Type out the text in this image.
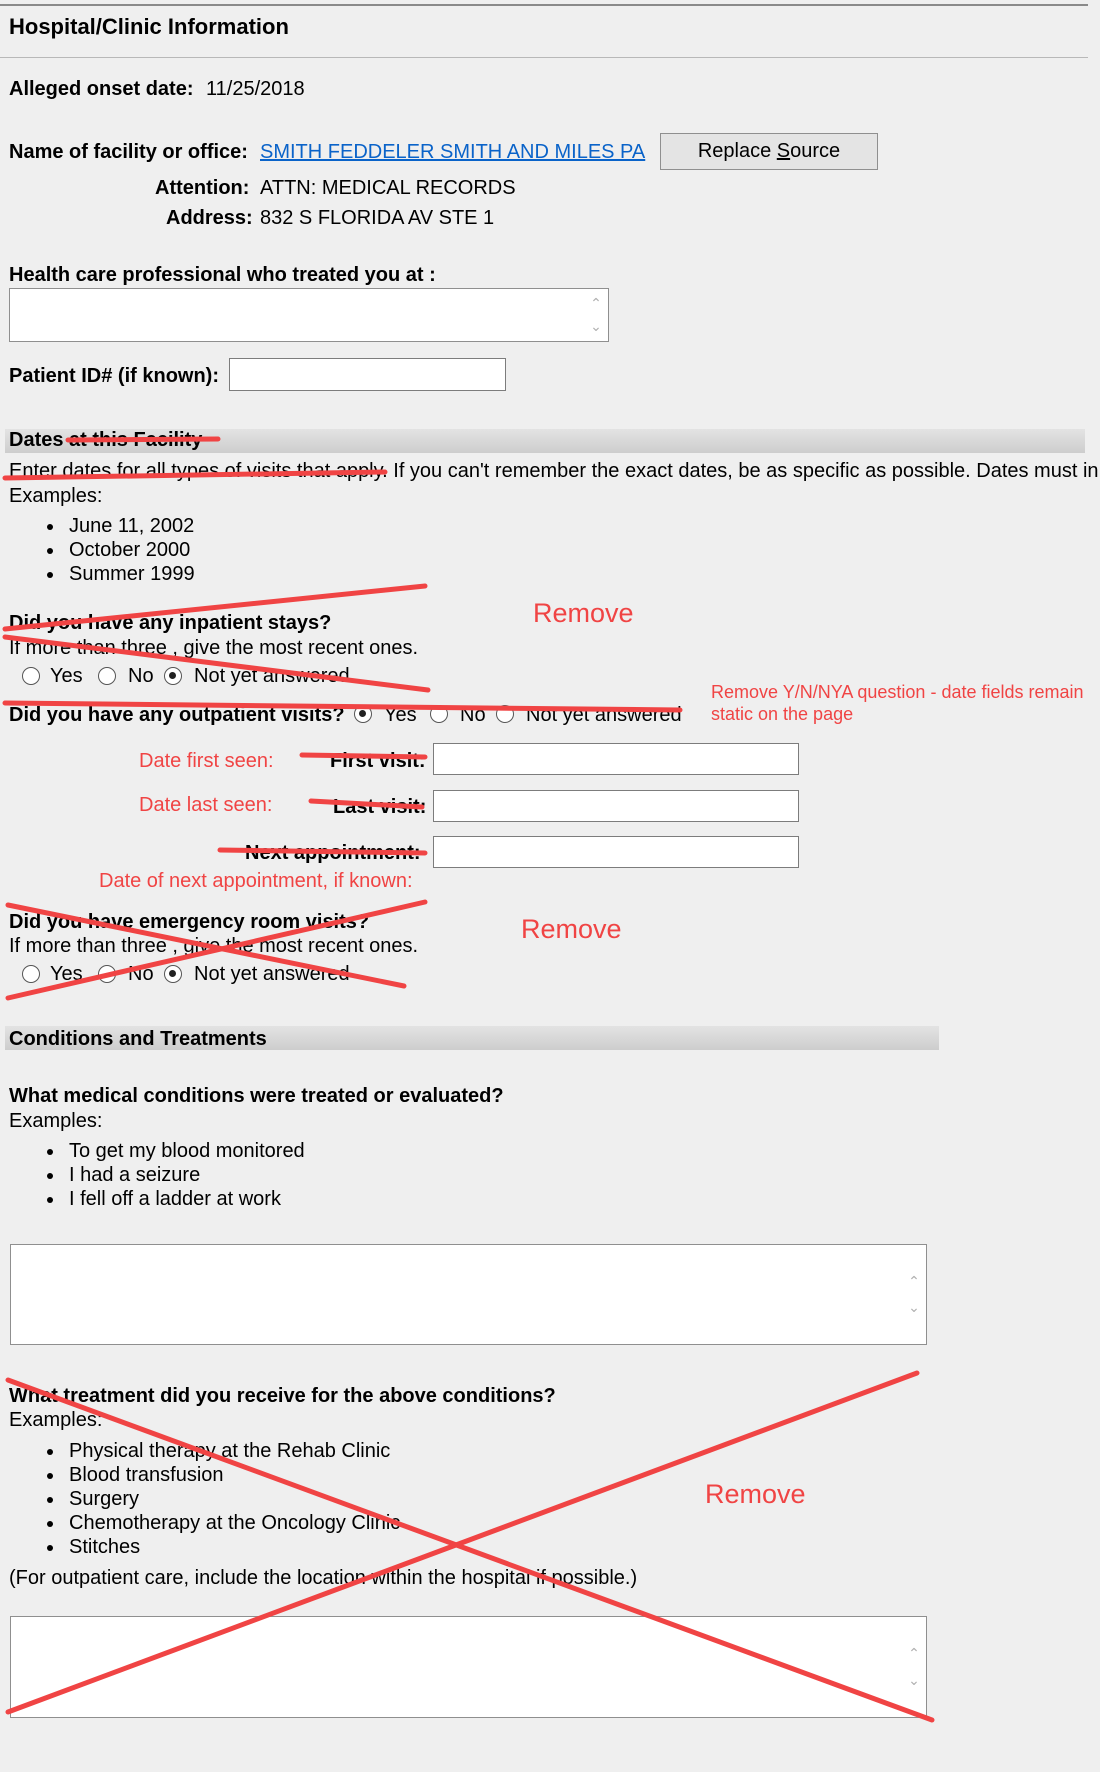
Hospital/Clinic Information
Alleged onset date: 11/25/2018
Name of facility or office: SMITH FEDDELER SMITH AND MILES PA	Replace Source
Attention: ATTN: MEDICAL RECORDS
Address: 832 S FLORIDA AV STE 1
Health care professional who treated you at :
⌃
⌄
Patient ID# (if known):
Dates at this Facility
Enter dates for all types of visits that apply. If you can't remember the exact dates, be as specific as possible. Dates must in
Examples:
June 11, 2002
October 2000
Summer 1999
Did you have any inpatient stays?
If more than three , give the most recent ones.
Yes No Not yet answered
Did you have any outpatient visits? Yes No Not yet answered
First visit:
Last visit:
Next appointment:
Did you have emergency room visits?
If more than three , give the most recent ones.
Yes No Not yet answered
Conditions and Treatments
What medical conditions were treated or evaluated?
Examples:
To get my blood monitored
I had a seizure
I fell off a ladder at work
⌃
⌄
What treatment did you receive for the above conditions?
Examples:
Physical therapy at the Rehab Clinic
Blood transfusion
Surgery
Chemotherapy at the Oncology Clinic
Stitches
(For outpatient care, include the location within the hospital if possible.)
⌃
⌄
Remove
Remove Y/N/NYA question - date fields remain
static on the page
Date first seen:
Date last seen:
Date of next appointment, if known:
Remove
Remove
